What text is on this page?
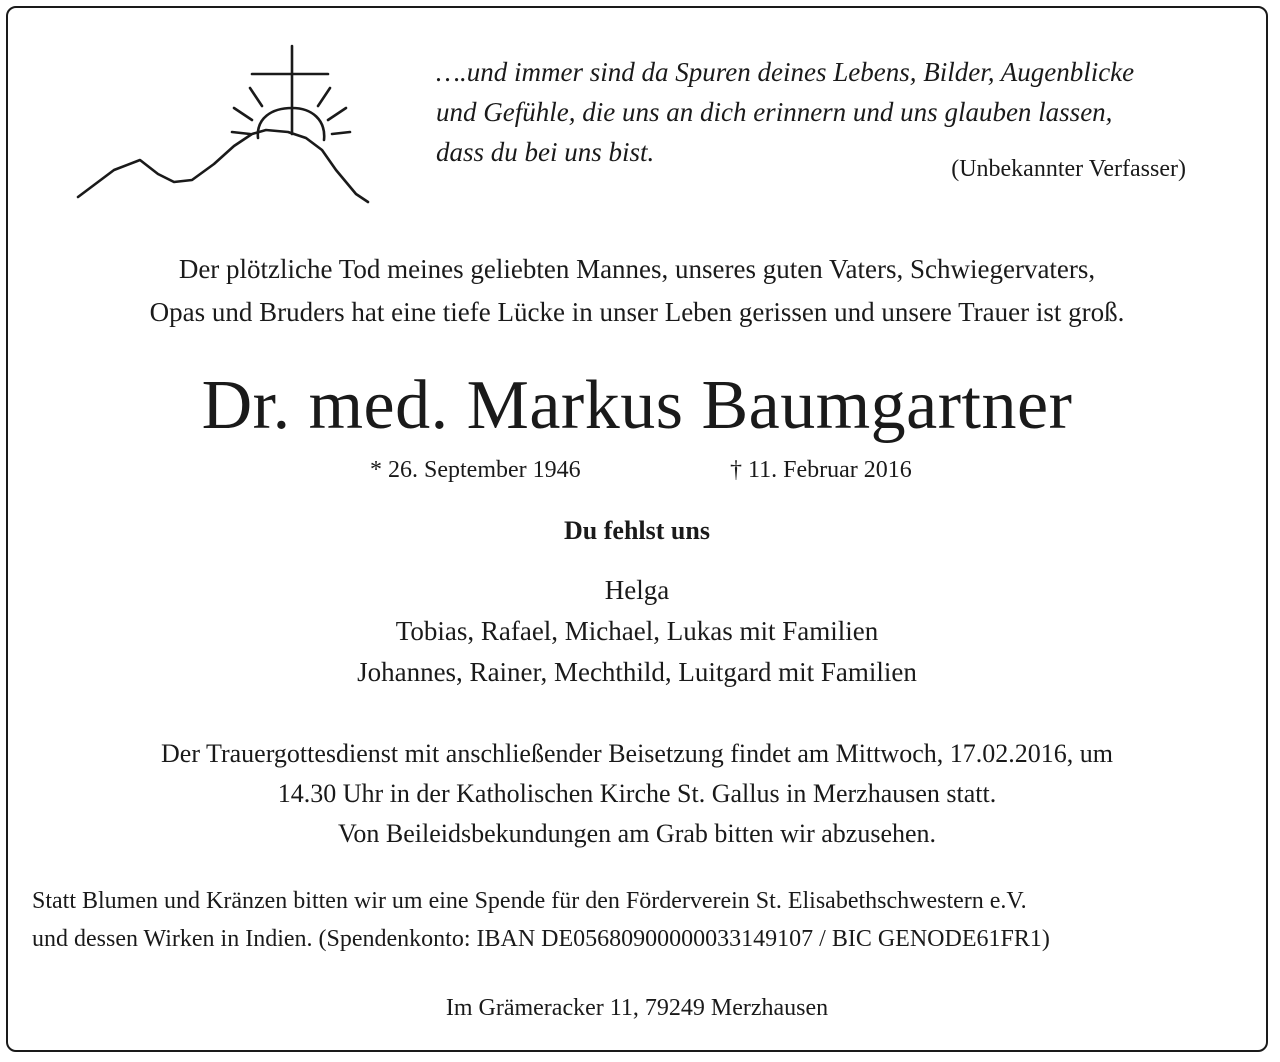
….und immer sind da Spuren deines Lebens, Bilder, Augenblicke

und Gefühle, die uns an dich erinnern und uns glauben lassen,

dass du bei uns bist.

(Unbekannter Verfasser)

Der plötzliche Tod meines geliebten Mannes, unseres guten Vaters, Schwiegervaters,

Opas und Bruders hat eine tiefe Lücke in unser Leben gerissen und unsere Trauer ist groß.

Dr. med. Markus Baumgartner
* 26. September 1946	† 11. Februar 2016
Du fehlst uns

Helga

Tobias, Rafael, Michael, Lukas mit Familien

Johannes, Rainer, Mechthild, Luitgard mit Familien

Der Trauergottesdienst mit anschließender Beisetzung findet am Mittwoch, 17.02.2016, um

14.30 Uhr in der Katholischen Kirche St. Gallus in Merzhausen statt.

Von Beileidsbekundungen am Grab bitten wir abzusehen.

Statt Blumen und Kränzen bitten wir um eine Spende für den Förderverein St. Elisabethschwestern e.V.

und dessen Wirken in Indien. (Spendenkonto: IBAN DE05680900000033149107 / BIC GENODE61FR1)

Im Grämeracker 11, 79249 Merzhausen
